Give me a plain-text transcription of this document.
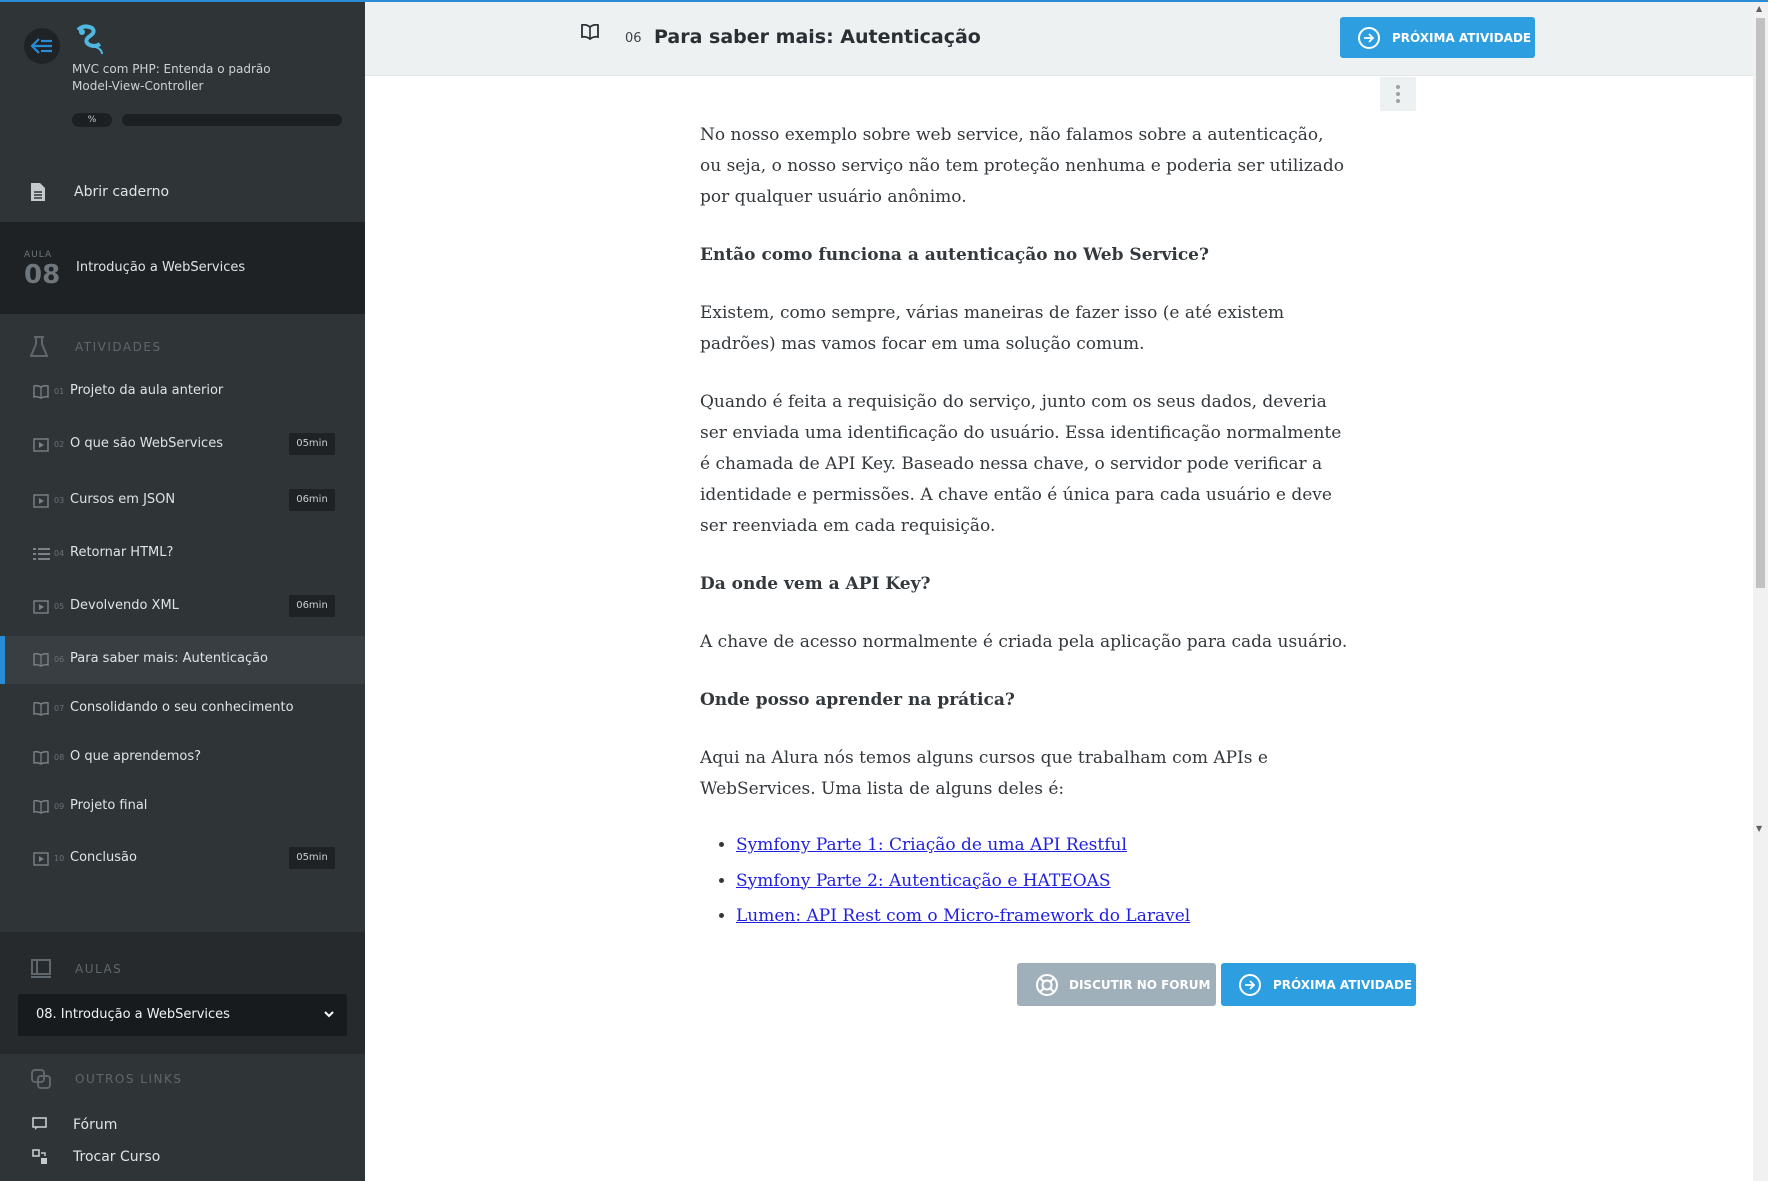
MVC com PHP: Entenda o padrão Model-View-Controller
%
Abrir caderno
AULA
08 Introdução a WebServices
ATIVIDADES
01 Projeto da aula anterior
02 O que são WebServices	05min
03 Cursos em JSON	06min
04 Retornar HTML?
05 Devolvendo XML	06min
06 Para saber mais: Autenticação
07 Consolidando o seu conhecimento
08 O que aprendemos?
09 Projeto final
10 Conclusão	05min
AULAS
08. Introdução a WebServices
OUTROS LINKS
Fórum
Trocar Curso
06 Para saber mais: Autenticação	PRÓXIMA ATIVIDADE

No nosso exemplo sobre web service, não falamos sobre a autenticação, ou seja, o nosso serviço não tem proteção nenhuma e poderia ser utilizado por qualquer usuário anônimo.

Então como funciona a autenticação no Web Service?

Existem, como sempre, várias maneiras de fazer isso (e até existem padrões) mas vamos focar em uma solução comum.

Quando é feita a requisição do serviço, junto com os seus dados, deveria ser enviada uma identificação do usuário. Essa identificação normalmente é chamada de API Key. Baseado nessa chave, o servidor pode verificar a identidade e permissões. A chave então é única para cada usuário e deve ser reenviada em cada requisição.

Da onde vem a API Key?

A chave de acesso normalmente é criada pela aplicação para cada usuário.

Onde posso aprender na prática?

Aqui na Alura nós temos alguns cursos que trabalham com APIs e WebServices. Uma lista de alguns deles é:

• Symfony Parte 1: Criação de uma API Restful
• Symfony Parte 2: Autenticação e HATEOAS
• Lumen: API Rest com o Micro-framework do Laravel
DISCUTIR NO FORUM	PRÓXIMA ATIVIDADE
▲
▼
